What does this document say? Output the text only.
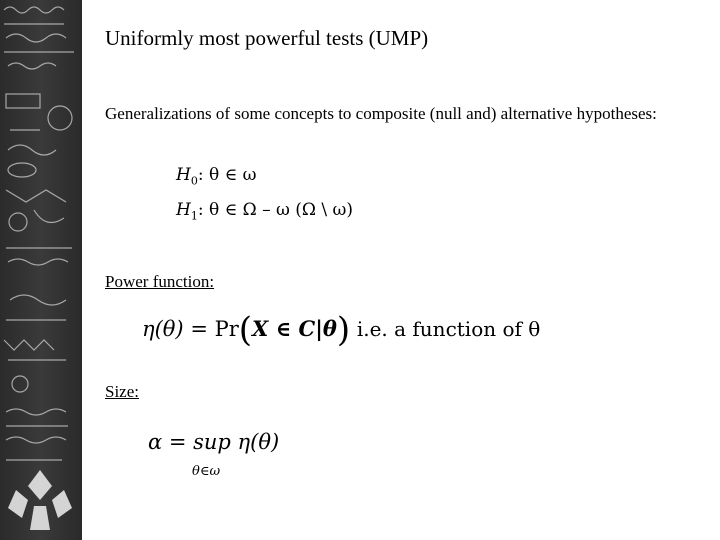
Uniformly most powerful tests (UMP)
Generalizations of some concepts to composite (null and) alternative hypotheses:
$H_0$: θ ∈ ω
$H_1$: θ ∈ Ω – ω (Ω \ ω)
Power function:
η(θ) = Pr(X ∈ C|θ) i.e. a function of θ
Size:
α = sup η(θ)
θ∈ω
